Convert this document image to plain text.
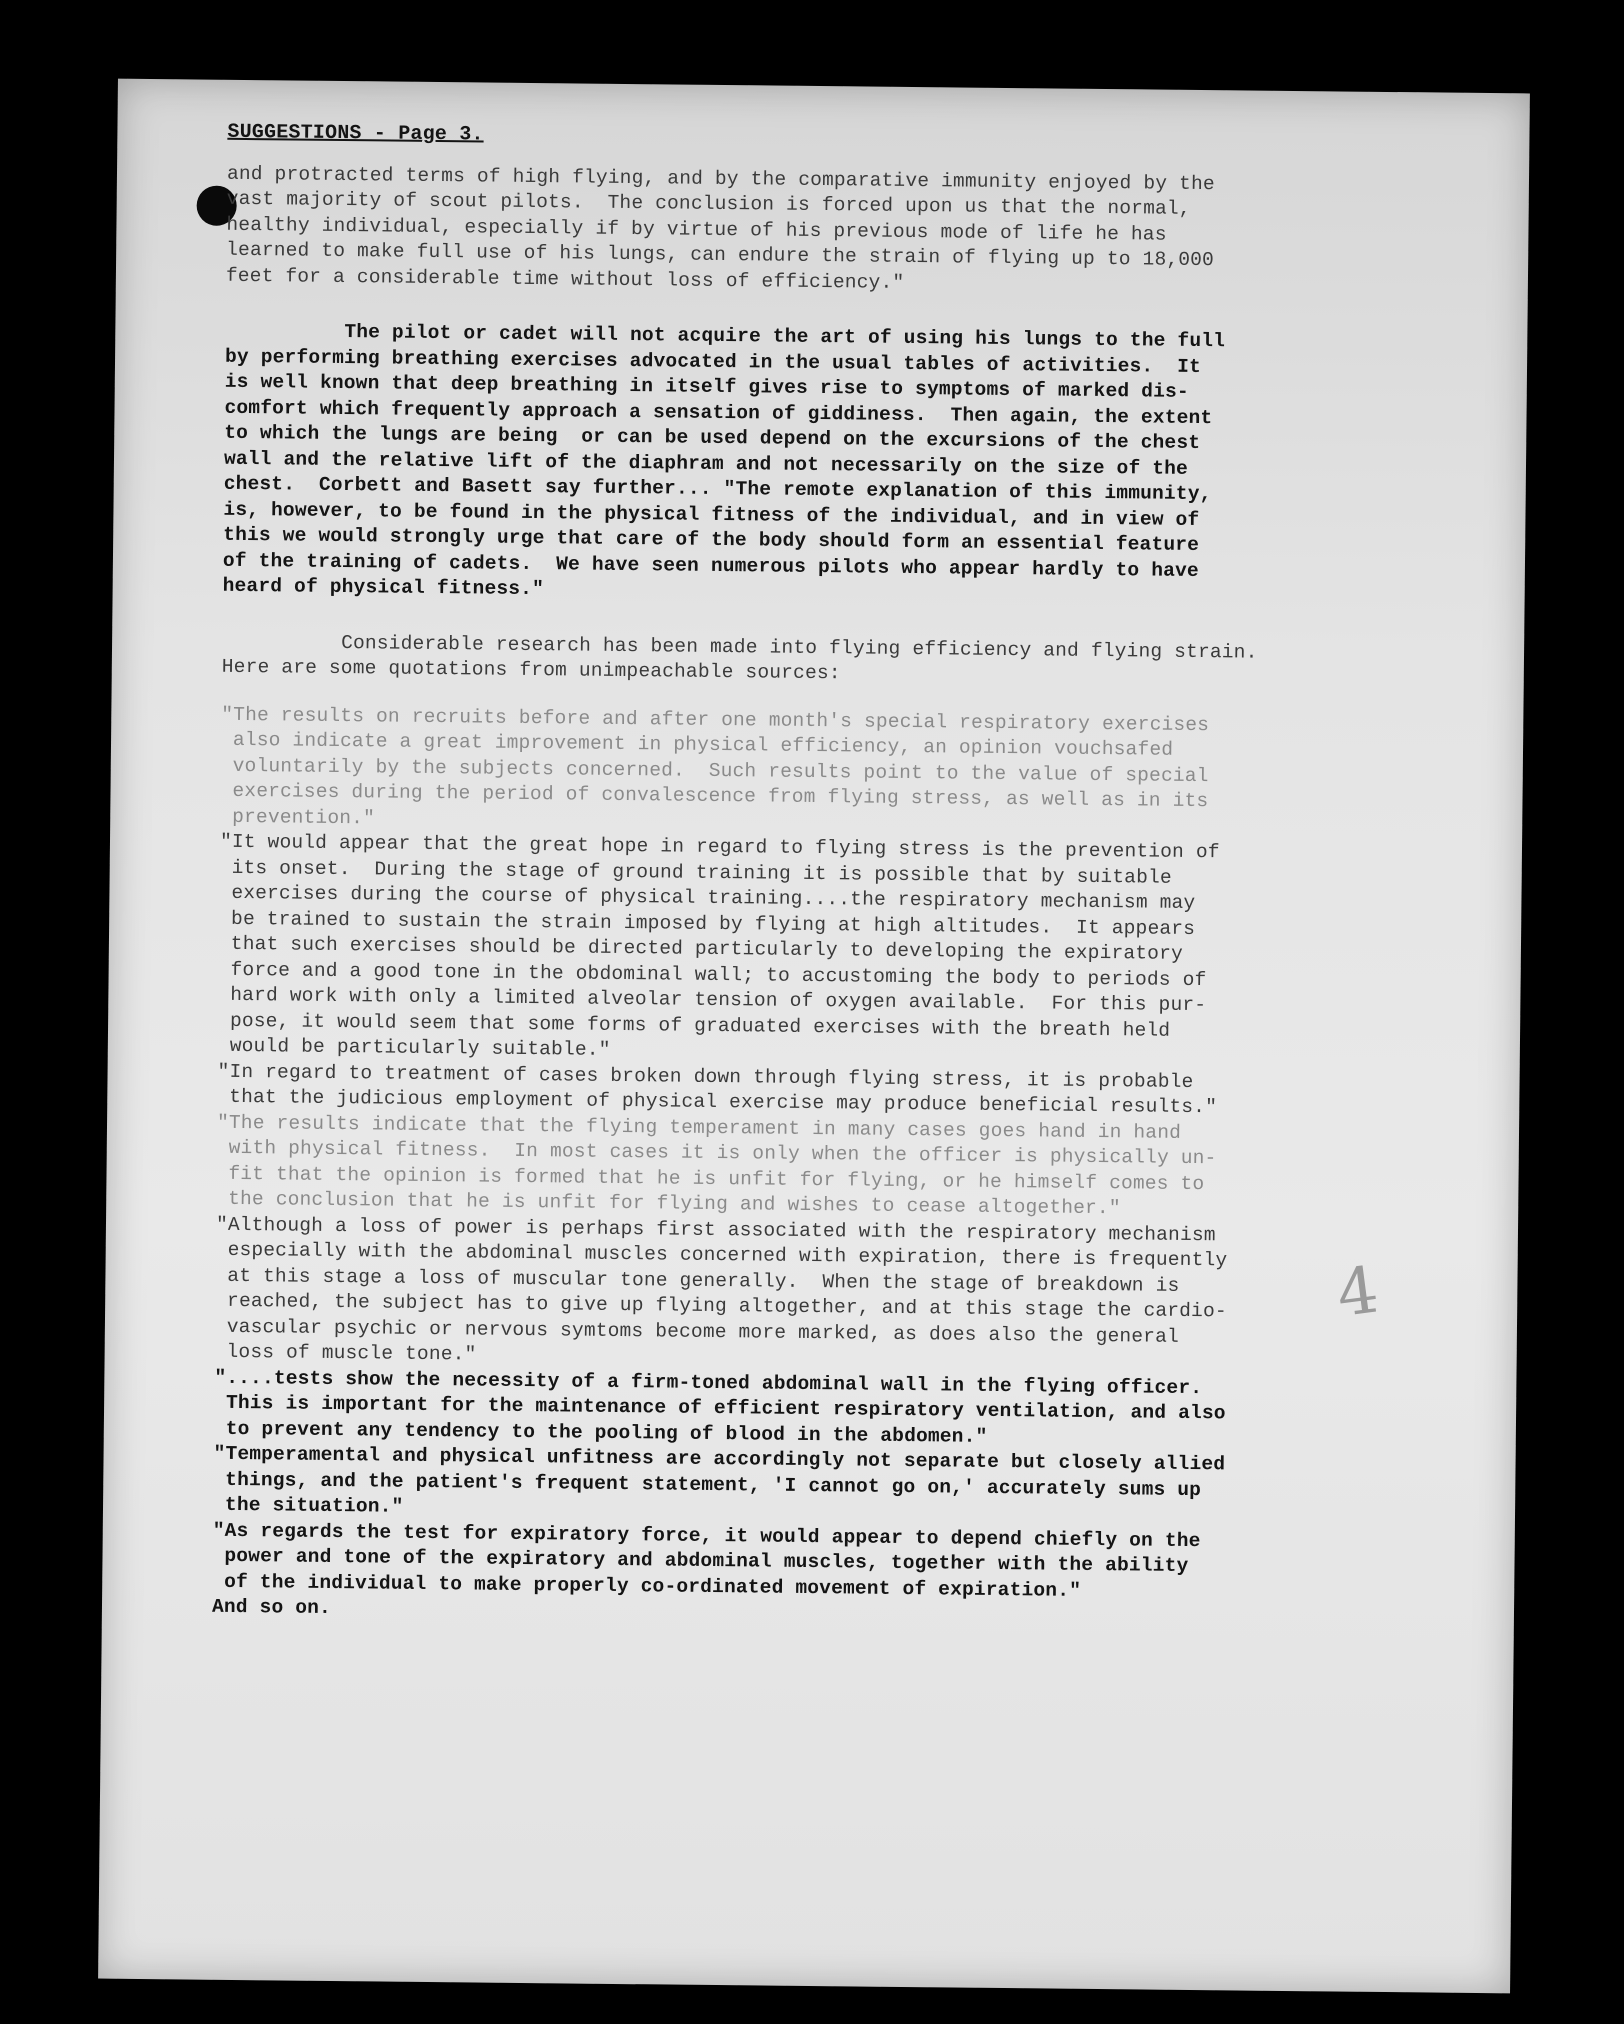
4
SUGGESTIONS - Page 3.

and protracted terms of high flying, and by the comparative immunity enjoyed by the
vast majority of scout pilots.  The conclusion is forced upon us that the normal,
healthy individual, especially if by virtue of his previous mode of life he has
learned to make full use of his lungs, can endure the strain of flying up to 18,000
feet for a considerable time without loss of efficiency."

The pilot or cadet will not acquire the art of using his lungs to the full
by performing breathing exercises advocated in the usual tables of activities.  It
is well known that deep breathing in itself gives rise to symptoms of marked dis-
comfort which frequently approach a sensation of giddiness.  Then again, the extent
to which the lungs are being  or can be used depend on the excursions of the chest
wall and the relative lift of the diaphram and not necessarily on the size of the
chest.  Corbett and Basett say further... "The remote explanation of this immunity,
is, however, to be found in the physical fitness of the individual, and in view of
this we would strongly urge that care of the body should form an essential feature
of the training of cadets.  We have seen numerous pilots who appear hardly to have
heard of physical fitness."

Considerable research has been made into flying efficiency and flying strain.
Here are some quotations from unimpeachable sources:

"The results on recruits before and after one month's special respiratory exercises
also indicate a great improvement in physical efficiency, an opinion vouchsafed
voluntarily by the subjects concerned.  Such results point to the value of special
exercises during the period of convalescence from flying stress, as well as in its
prevention."

"It would appear that the great hope in regard to flying stress is the prevention of
its onset.  During the stage of ground training it is possible that by suitable
exercises during the course of physical training....the respiratory mechanism may
be trained to sustain the strain imposed by flying at high altitudes.  It appears
that such exercises should be directed particularly to developing the expiratory
force and a good tone in the obdominal wall; to accustoming the body to periods of
hard work with only a limited alveolar tension of oxygen available.  For this pur-
pose, it would seem that some forms of graduated exercises with the breath held
would be particularly suitable."

"In regard to treatment of cases broken down through flying stress, it is probable
that the judicious employment of physical exercise may produce beneficial results."

"The results indicate that the flying temperament in many cases goes hand in hand
with physical fitness.  In most cases it is only when the officer is physically un-
fit that the opinion is formed that he is unfit for flying, or he himself comes to
the conclusion that he is unfit for flying and wishes to cease altogether."

"Although a loss of power is perhaps first associated with the respiratory mechanism
especially with the abdominal muscles concerned with expiration, there is frequently
at this stage a loss of muscular tone generally.  When the stage of breakdown is
reached, the subject has to give up flying altogether, and at this stage the cardio-
vascular psychic or nervous symtoms become more marked, as does also the general
loss of muscle tone."

"....tests show the necessity of a firm-toned abdominal wall in the flying officer.
This is important for the maintenance of efficient respiratory ventilation, and also
to prevent any tendency to the pooling of blood in the abdomen."

"Temperamental and physical unfitness are accordingly not separate but closely allied
things, and the patient's frequent statement, 'I cannot go on,' accurately sums up
the situation."

"As regards the test for expiratory force, it would appear to depend chiefly on the
power and tone of the expiratory and abdominal muscles, together with the ability
of the individual to make properly co-ordinated movement of expiration."

And so on.
